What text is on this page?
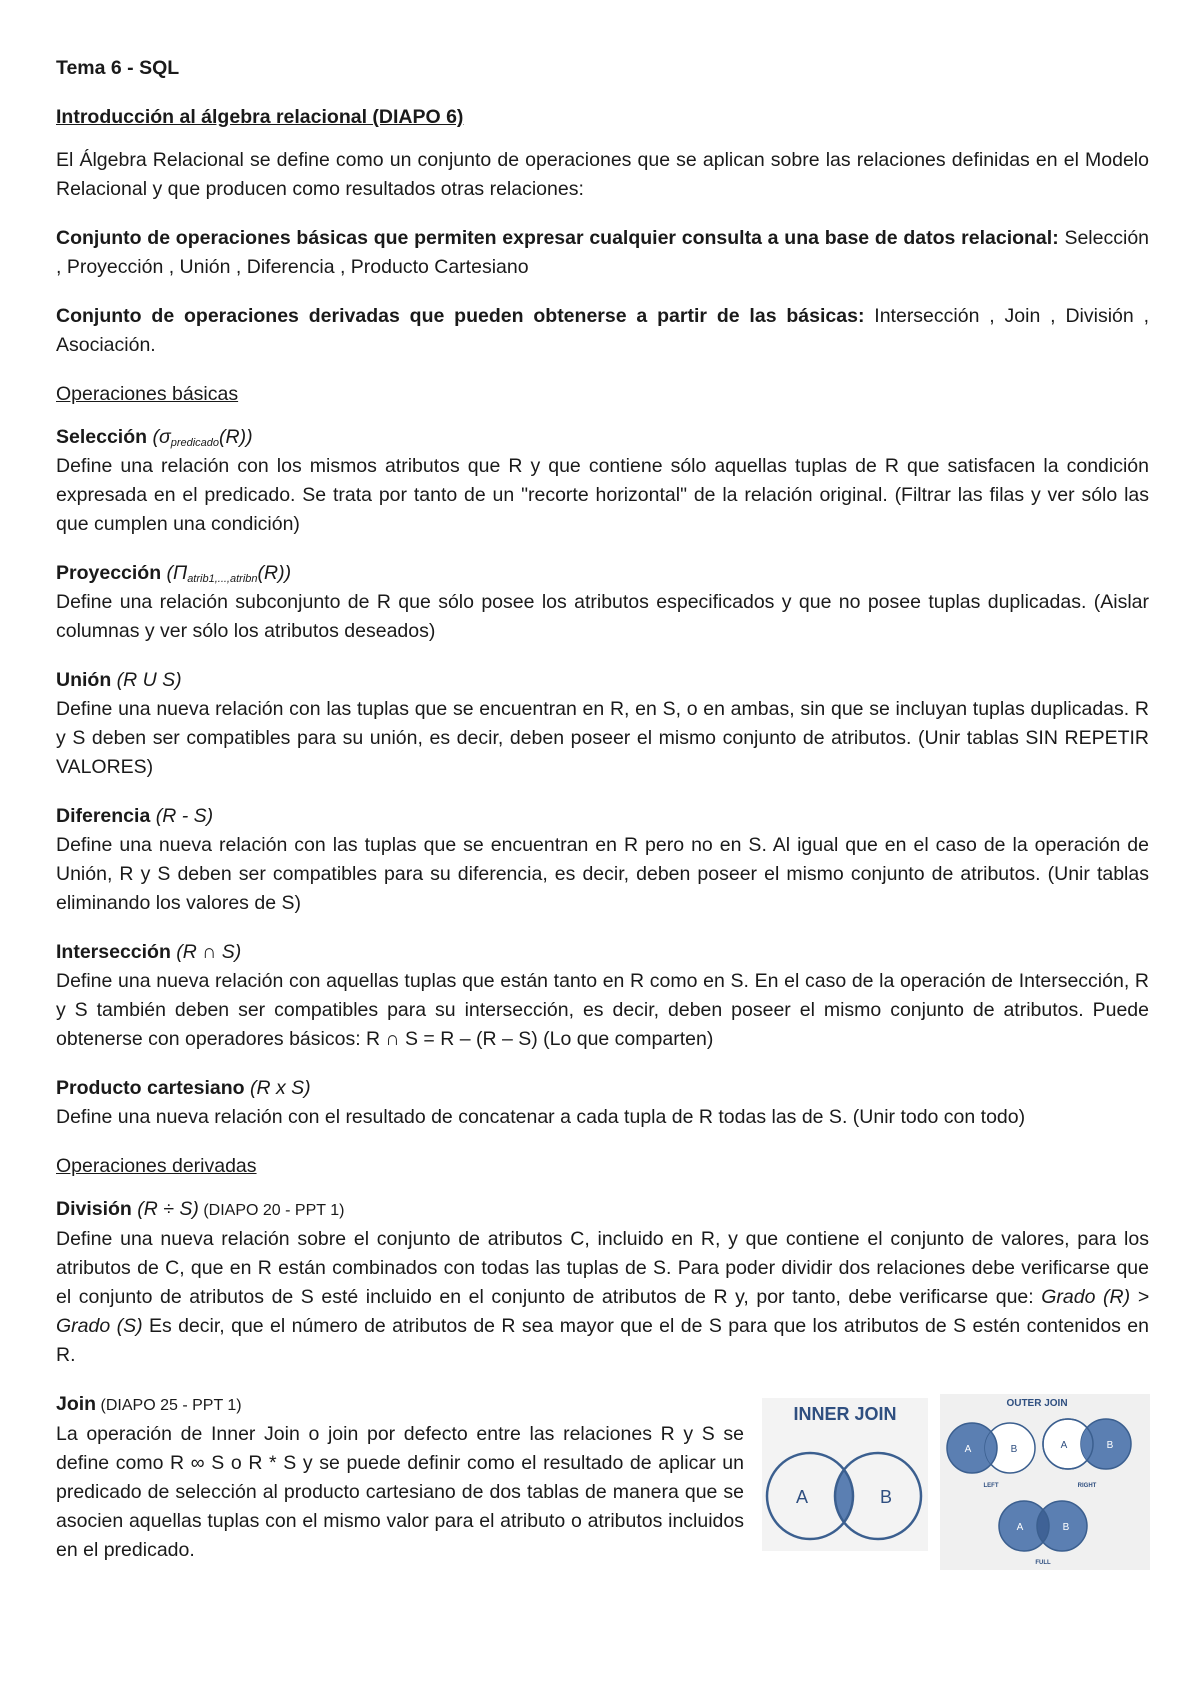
Tema 6 - SQL

Introducción al álgebra relacional (DIAPO 6)

El Álgebra Relacional se define como un conjunto de operaciones que se aplican sobre las relaciones definidas en el Modelo Relacional y que producen como resultados otras relaciones:

Conjunto de operaciones básicas que permiten expresar cualquier consulta a una base de datos relacional: Selección , Proyección , Unión , Diferencia , Producto Cartesiano

Conjunto de operaciones derivadas que pueden obtenerse a partir de las básicas: Intersección , Join , División , Asociación.

Operaciones básicas

Selección $(\sigma_{predicado}(R))$

Define una relación con los mismos atributos que R y que contiene sólo aquellas tuplas de R que satisfacen la condición expresada en el predicado. Se trata por tanto de un "recorte horizontal" de la relación original. (Filtrar las filas y ver sólo las que cumplen una condición)

Proyección $(\Pi_{atrib1,...,atribn}(R))$

Define una relación subconjunto de R que sólo posee los atributos especificados y que no posee tuplas duplicadas. (Aislar columnas y ver sólo los atributos deseados)

Unión (R U S)

Define una nueva relación con las tuplas que se encuentran en R, en S, o en ambas, sin que se incluyan tuplas duplicadas. R y S deben ser compatibles para su unión, es decir, deben poseer el mismo conjunto de atributos. (Unir tablas SIN REPETIR VALORES)

Diferencia (R - S)

Define una nueva relación con las tuplas que se encuentran en R pero no en S. Al igual que en el caso de la operación de Unión, R y S deben ser compatibles para su diferencia, es decir, deben poseer el mismo conjunto de atributos. (Unir tablas eliminando los valores de S)

Intersección (R ∩ S)

Define una nueva relación con aquellas tuplas que están tanto en R como en S. En el caso de la operación de Intersección, R y S también deben ser compatibles para su intersección, es decir, deben poseer el mismo conjunto de atributos. Puede obtenerse con operadores básicos: R ∩ S = R – (R – S) (Lo que comparten)

Producto cartesiano (R x S)

Define una nueva relación con el resultado de concatenar a cada tupla de R todas las de S. (Unir todo con todo)

Operaciones derivadas

División (R ÷ S) (DIAPO 20 - PPT 1)

Define una nueva relación sobre el conjunto de atributos C, incluido en R, y que contiene el conjunto de valores, para los atributos de C, que en R están combinados con todas las tuplas de S. Para poder dividir dos relaciones debe verificarse que el conjunto de atributos de S esté incluido en el conjunto de atributos de R y, por tanto, debe verificarse que: Grado (R) > Grado (S) Es decir, que el número de atributos de R sea mayor que el de S para que los atributos de S estén contenidos en R.

Join (DIAPO 25 - PPT 1)

La operación de Inner Join o join por defecto entre las relaciones R y S se define como R ∞ S o R * S y se puede definir como el resultado de aplicar un predicado de selección al producto cartesiano de dos tablas de manera que se asocien aquellas tuplas con el mismo valor para el atributo o atributos incluidos en el predicado.

INNER JOIN
A	B
OUTER JOIN
A	B
LEFT
A	B
RIGHT
A	B
FULL
